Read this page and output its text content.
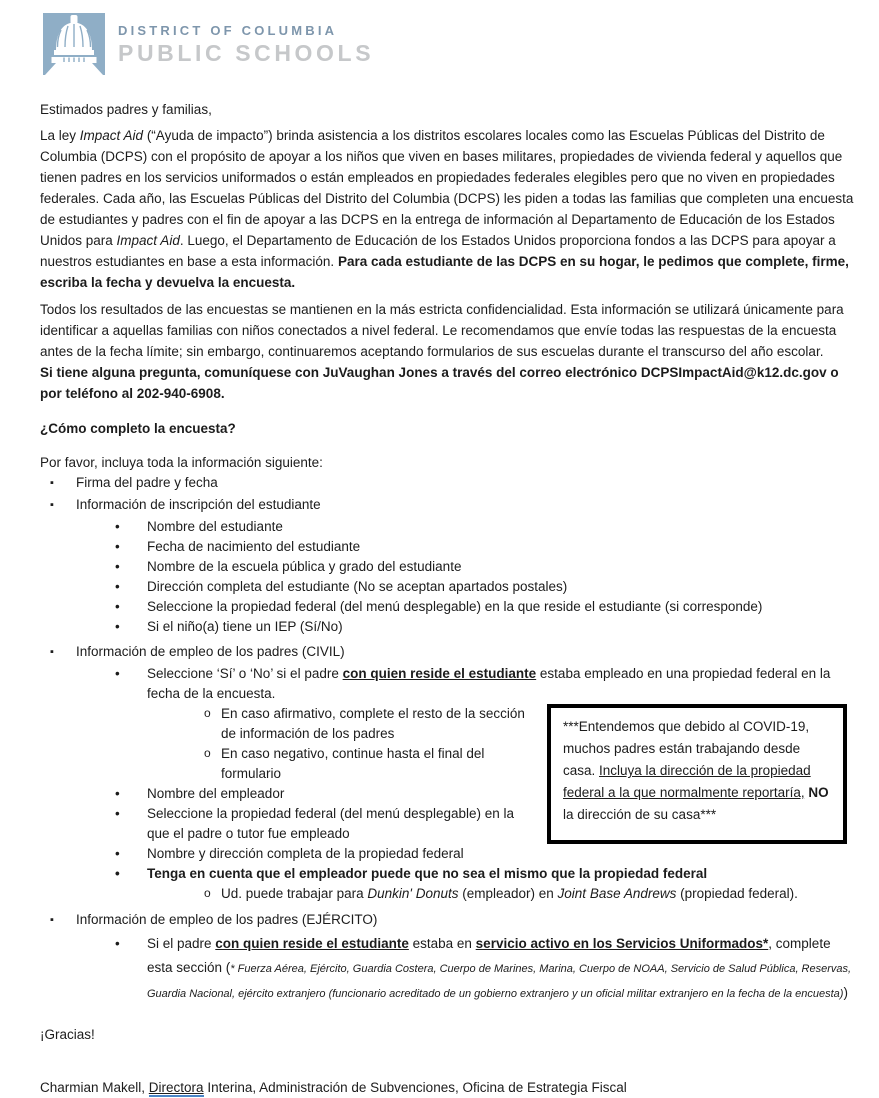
DISTRICT OF COLUMBIA
PUBLIC SCHOOLS

Estimados padres y familias,

La ley Impact Aid (“Ayuda de impacto”) brinda asistencia a los distritos escolares locales como las Escuelas Públicas del Distrito de Columbia (DCPS) con el propósito de apoyar a los niños que viven en bases militares, propiedades de vivienda federal y aquellos que tienen padres en los servicios uniformados o están empleados en propiedades federales elegibles pero que no viven en propiedades federales. Cada año, las Escuelas Públicas del Distrito del Columbia (DCPS) les piden a todas las familias que completen una encuesta de estudiantes y padres con el fin de apoyar a las DCPS en la entrega de información al Departamento de Educación de los Estados Unidos para Impact Aid. Luego, el Departamento de Educación de los Estados Unidos proporciona fondos a las DCPS para apoyar a nuestros estudiantes en base a esta información. Para cada estudiante de las DCPS en su hogar, le pedimos que complete, firme, escriba la fecha y devuelva la encuesta.

Todos los resultados de las encuestas se mantienen en la más estricta confidencialidad. Esta información se utilizará únicamente para identificar a aquellas familias con niños conectados a nivel federal. Le recomendamos que envíe todas las respuestas de la encuesta antes de la fecha límite; sin embargo, continuaremos aceptando formularios de sus escuelas durante el transcurso del año escolar.
Si tiene alguna pregunta, comuníquese con JuVaughan Jones a través del correo electrónico DCPSImpactAid@k12.dc.gov o por teléfono al 202-940-6908.

¿Cómo completo la encuesta?

Por favor, incluya toda la información siguiente:

▪ Firma del padre y fecha
▪ Información de inscripción del estudiante
• Nombre del estudiante
• Fecha de nacimiento del estudiante
• Nombre de la escuela pública y grado del estudiante
• Dirección completa del estudiante (No se aceptan apartados postales)
• Seleccione la propiedad federal (del menú desplegable) en la que reside el estudiante (si corresponde)
• Si el niño(a) tiene un IEP (Sí/No)
▪ Información de empleo de los padres (CIVIL)
• Seleccione ‘Sí’ o ‘No’ si el padre con quien reside el estudiante estaba empleado en una propiedad federal en la fecha de la encuesta.
***Entendemos que debido al COVID-19, muchos padres están trabajando desde casa. Incluya la dirección de la propiedad federal a la que normalmente reportaría, NO la dirección de su casa***
o En caso afirmativo, complete el resto de la sección de información de los padres
o En caso negativo, continue hasta el final del formulario
• Nombre del empleador
• Seleccione la propiedad federal (del menú desplegable) en la que el padre o tutor fue empleado
• Nombre y dirección completa de la propiedad federal
• Tenga en cuenta que el empleador puede que no sea el mismo que la propiedad federal
o Ud. puede trabajar para Dunkin' Donuts (empleador) en Joint Base Andrews (propiedad federal).
▪ Información de empleo de los padres (EJÉRCITO)
• Si el padre con quien reside el estudiante estaba en servicio activo en los Servicios Uniformados*, complete esta sección (* Fuerza Aérea, Ejército, Guardia Costera, Cuerpo de Marines, Marina, Cuerpo de NOAA, Servicio de Salud Pública, Reservas, Guardia Nacional, ejército extranjero (funcionario acreditado de un gobierno extranjero y un oficial militar extranjero en la fecha de la encuesta))

¡Gracias!

Charmian Makell, Directora Interina, Administración de Subvenciones, Oficina de Estrategia Fiscal
